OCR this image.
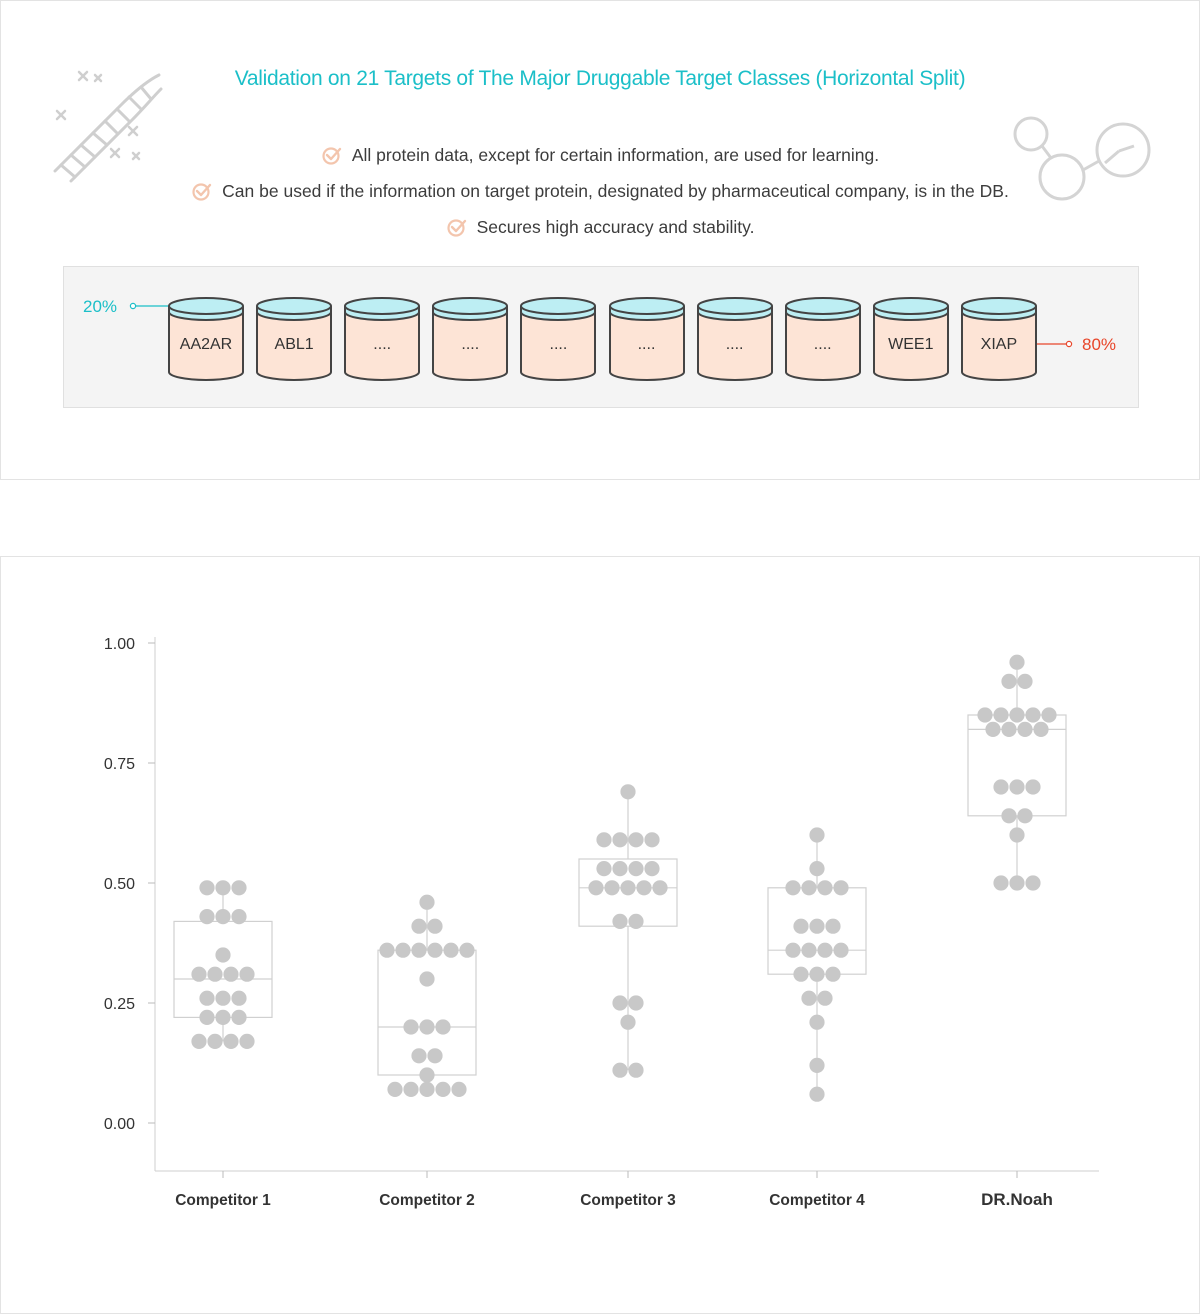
Validation on 21 Targets of The Major Druggable Target Classes (Horizontal Split)
All protein data, except for certain information, are used for learning.
Can be used if the information on target protein, designated by pharmaceutical company, is in the DB.
Secures high accuracy and stability.
20%
80%
AA2AR	ABL1	....	....	....	....	....	....	WEE1	XIAP
1.00
0.75
0.50
0.25
0.00
Competitor 1	Competitor 2	Competitor 3	Competitor 4	DR.Noah
